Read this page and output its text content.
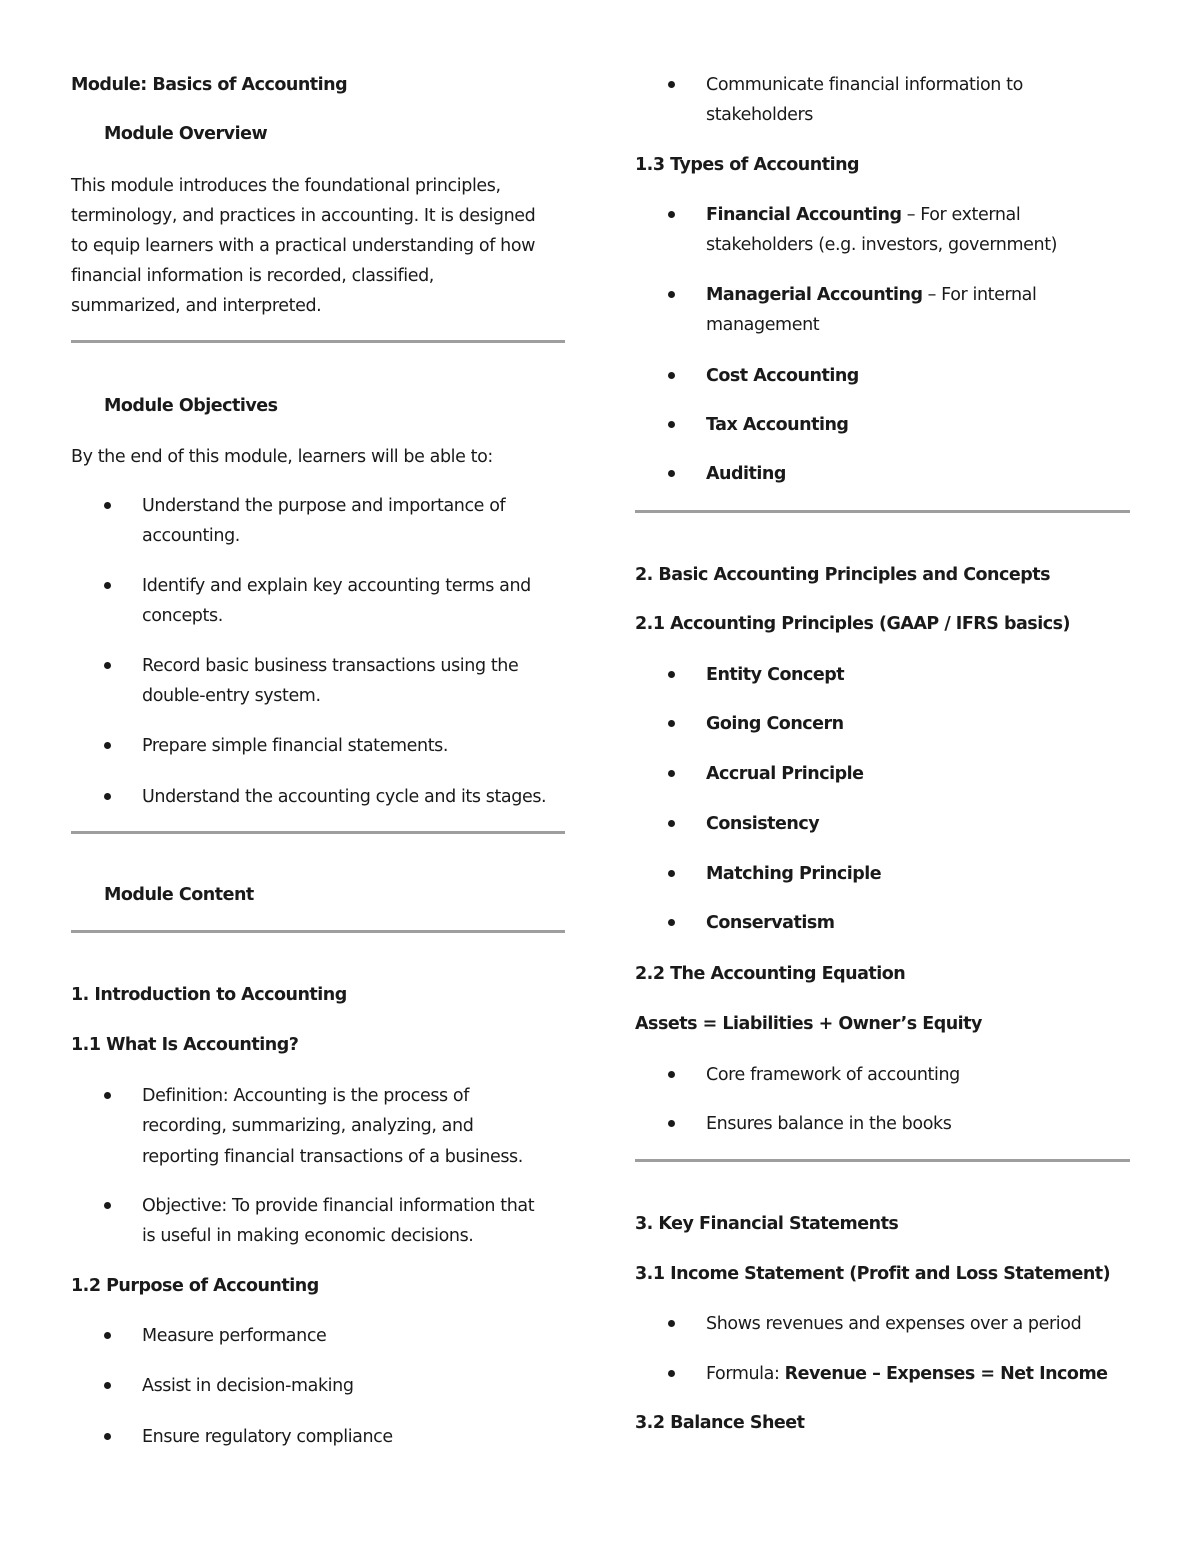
Module: Basics of Accounting
Module Overview
This module introduces the foundational principles,
terminology, and practices in accounting. It is designed
to equip learners with a practical understanding of how
financial information is recorded, classified,
summarized, and interpreted.
Module Objectives
By the end of this module, learners will be able to:
Understand the purpose and importance of
accounting.
Identify and explain key accounting terms and
concepts.
Record basic business transactions using the
double-entry system.
Prepare simple financial statements.
Understand the accounting cycle and its stages.
Module Content
1. Introduction to Accounting
1.1 What Is Accounting?
Definition: Accounting is the process of
recording, summarizing, analyzing, and
reporting financial transactions of a business.
Objective: To provide financial information that
is useful in making economic decisions.
1.2 Purpose of Accounting
Measure performance
Assist in decision-making
Ensure regulatory compliance
Communicate financial information to
stakeholders
1.3 Types of Accounting
Financial Accounting – For external
stakeholders (e.g. investors, government)
Managerial Accounting – For internal
management
Cost Accounting
Tax Accounting
Auditing
2. Basic Accounting Principles and Concepts
2.1 Accounting Principles (GAAP / IFRS basics)
Entity Concept
Going Concern
Accrual Principle
Consistency
Matching Principle
Conservatism
2.2 The Accounting Equation
Assets = Liabilities + Owner’s Equity
Core framework of accounting
Ensures balance in the books
3. Key Financial Statements
3.1 Income Statement (Profit and Loss Statement)
Shows revenues and expenses over a period
Formula: Revenue – Expenses = Net Income
3.2 Balance Sheet
